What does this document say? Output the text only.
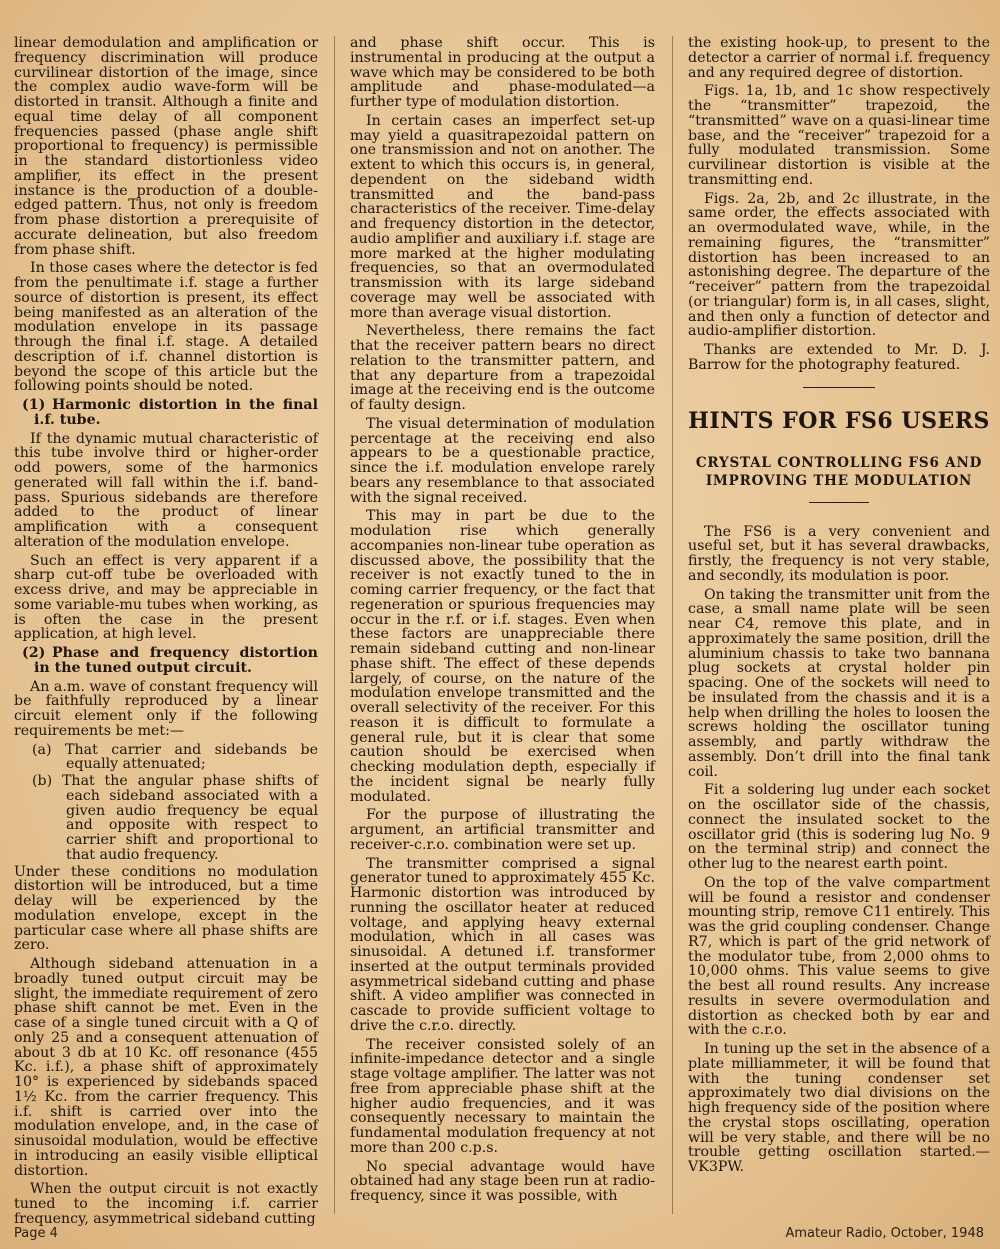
linear demodulation and amplification or frequency discrimination will produce curvilinear distortion of the image, since the complex audio wave-form will be distorted in transit. Although a finite and equal time delay of all component frequencies passed (phase angle shift proportional to frequency) is permissible in the standard distortionless video amplifier, its effect in the present instance is the production of a double-edged pattern. Thus, not only is freedom from phase distortion a prerequisite of accurate delineation, but also freedom from phase shift.

In those cases where the detector is fed from the penultimate i.f. stage a further source of distortion is present, its effect being manifested as an alteration of the modulation envelope in its passage through the final i.f. stage. A detailed description of i.f. channel distortion is beyond the scope of this article but the following points should be noted.

(1) Harmonic distortion in the final i.f. tube.

If the dynamic mutual characteristic of this tube involve third or higher-order odd powers, some of the harmonics generated will fall within the i.f. band-pass. Spurious sidebands are therefore added to the product of linear amplification with a consequent alteration of the modulation envelope.

Such an effect is very apparent if a sharp cut-off tube be overloaded with excess drive, and may be appreciable in some variable-mu tubes when working, as is often the case in the present application, at high level.

(2) Phase and frequency distortion in the tuned output circuit.

An a.m. wave of constant frequency will be faithfully reproduced by a linear circuit element only if the following requirements be met:—

(a) That carrier and sidebands be equally attenuated;
(b) That the angular phase shifts of each sideband associated with a given audio frequency be equal and opposite with respect to carrier shift and proportional to that audio frequency.

Under these conditions no modulation distortion will be introduced, but a time delay will be experienced by the modulation envelope, except in the particular case where all phase shifts are zero.

Although sideband attenuation in a broadly tuned output circuit may be slight, the immediate requirement of zero phase shift cannot be met. Even in the case of a single tuned circuit with a Q of only 25 and a consequent attenuation of about 3 db at 10 Kc. off resonance (455 Kc. i.f.), a phase shift of approximately 10° is experienced by sidebands spaced 1½ Kc. from the carrier frequency. This i.f. shift is carried over into the modulation envelope, and, in the case of sinusoidal modulation, would be effective in introducing an easily visible elliptical distortion.

When the output circuit is not exactly tuned to the incoming i.f. carrier frequency, asymmetrical sideband cutting

and phase shift occur. This is instrumental in producing at the output a wave which may be considered to be both amplitude and phase-modulated—a further type of modulation distortion.

In certain cases an imperfect set-up may yield a quasitrapezoidal pattern on one transmission and not on another. The extent to which this occurs is, in general, dependent on the sideband width transmitted and the band-pass characteristics of the receiver. Time-delay and frequency distortion in the detector, audio amplifier and auxiliary i.f. stage are more marked at the higher modulating frequencies, so that an overmodulated transmission with its large sideband coverage may well be associated with more than average visual distortion.

Nevertheless, there remains the fact that the receiver pattern bears no direct relation to the transmitter pattern, and that any departure from a trapezoidal image at the receiving end is the outcome of faulty design.

The visual determination of modulation percentage at the receiving end also appears to be a questionable practice, since the i.f. modulation envelope rarely bears any resemblance to that associated with the signal received.

This may in part be due to the modulation rise which generally accompanies non-linear tube operation as discussed above, the possibility that the receiver is not exactly tuned to the in coming carrier frequency, or the fact that regeneration or spurious frequencies may occur in the r.f. or i.f. stages. Even when these factors are unappreciable there remain sideband cutting and non-linear phase shift. The effect of these depends largely, of course, on the nature of the modulation envelope transmitted and the overall selectivity of the receiver. For this reason it is difficult to formulate a general rule, but it is clear that some caution should be exercised when checking modulation depth, especially if the incident signal be nearly fully modulated.

For the purpose of illustrating the argument, an artificial transmitter and receiver-c.r.o. combination were set up.

The transmitter comprised a signal generator tuned to approximately 455 Kc. Harmonic distortion was introduced by running the oscillator heater at reduced voltage, and applying heavy external modulation, which in all cases was sinusoidal. A detuned i.f. transformer inserted at the output terminals provided asymmetrical sideband cutting and phase shift. A video amplifier was connected in cascade to provide sufficient voltage to drive the c.r.o. directly.

The receiver consisted solely of an infinite-impedance detector and a single stage voltage amplifier. The latter was not free from appreciable phase shift at the higher audio frequencies, and it was consequently necessary to maintain the fundamental modulation frequency at not more than 200 c.p.s.

No special advantage would have obtained had any stage been run at radio-frequency, since it was possible, with

the existing hook-up, to present to the detector a carrier of normal i.f. frequency and any required degree of distortion.

Figs. 1a, 1b, and 1c show respectively the “transmitter” trapezoid, the “transmitted” wave on a quasi-linear time base, and the “receiver” trapezoid for a fully modulated transmission. Some curvilinear distortion is visible at the transmitting end.

Figs. 2a, 2b, and 2c illustrate, in the same order, the effects associated with an overmodulated wave, while, in the remaining figures, the “transmitter” distortion has been increased to an astonishing degree. The departure of the “receiver” pattern from the trapezoidal (or triangular) form is, in all cases, slight, and then only a function of detector and audio-amplifier distortion.

Thanks are extended to Mr. D. J. Barrow for the photography featured.

HINTS FOR FS6 USERS
CRYSTAL CONTROLLING FS6 AND IMPROVING THE MODULATION

The FS6 is a very convenient and useful set, but it has several drawbacks, firstly, the frequency is not very stable, and secondly, its modulation is poor.

On taking the transmitter unit from the case, a small name plate will be seen near C4, remove this plate, and in approximately the same position, drill the aluminium chassis to take two bannana plug sockets at crystal holder pin spacing. One of the sockets will need to be insulated from the chassis and it is a help when drilling the holes to loosen the screws holding the oscillator tuning assembly, and partly withdraw the assembly. Don’t drill into the final tank coil.

Fit a soldering lug under each socket on the oscillator side of the chassis, connect the insulated socket to the oscillator grid (this is sodering lug No. 9 on the terminal strip) and connect the other lug to the nearest earth point.

On the top of the valve compartment will be found a resistor and condenser mounting strip, remove C11 entirely. This was the grid coupling condenser. Change R7, which is part of the grid network of the modulator tube, from 2,000 ohms to 10,000 ohms. This value seems to give the best all round results. Any increase results in severe overmodulation and distortion as checked both by ear and with the c.r.o.

In tuning up the set in the absence of a plate milliammeter, it will be found that with the tuning condenser set approximately two dial divisions on the high frequency side of the position where the crystal stops oscillating, operation will be very stable, and there will be no trouble getting oscillation started.—VK3PW.

Page 4	Amateur Radio, October, 1948
